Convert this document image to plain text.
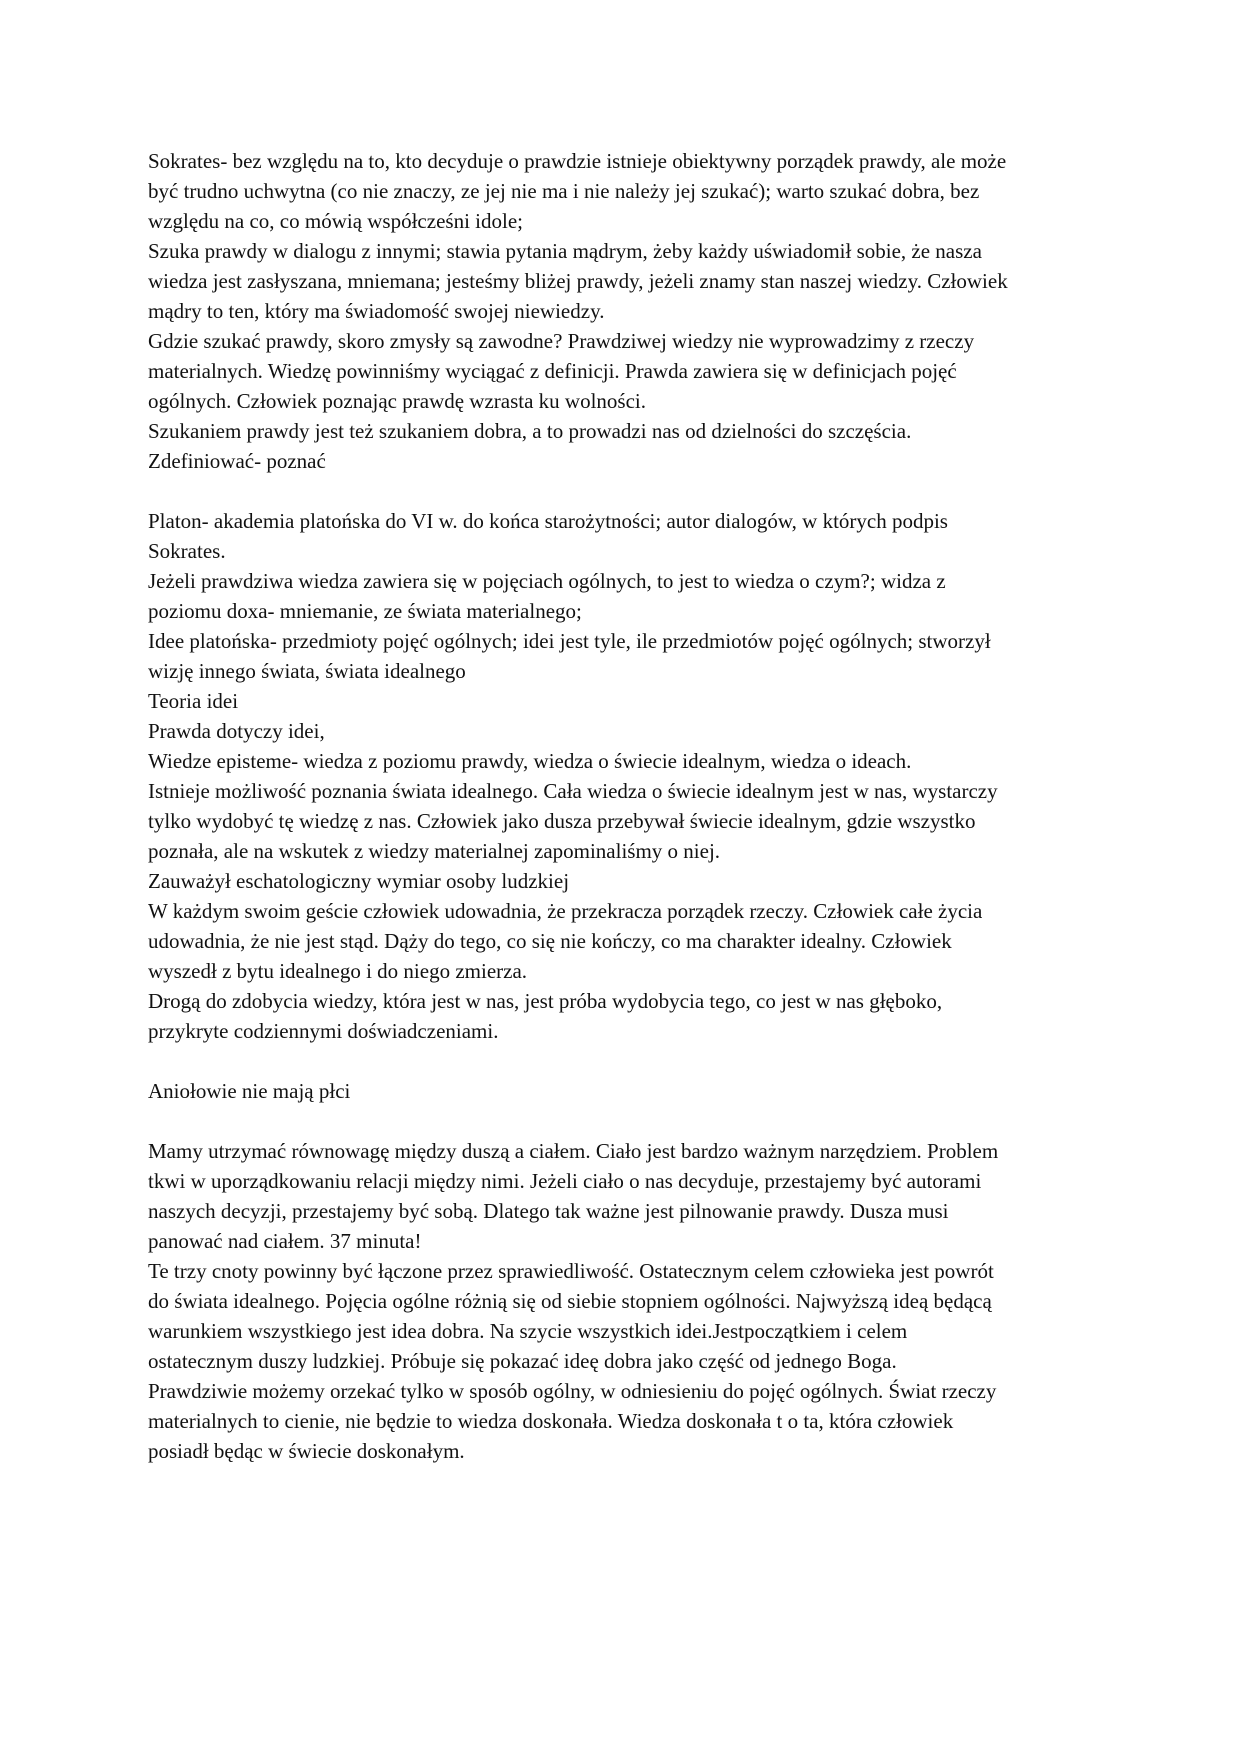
Sokrates- bez względu na to, kto decyduje o prawdzie istnieje obiektywny porządek prawdy, ale może
być trudno uchwytna (co nie znaczy, ze jej nie ma i nie należy jej szukać); warto szukać dobra, bez
względu na co, co mówią współcześni idole;
Szuka prawdy w dialogu z innymi; stawia pytania mądrym, żeby każdy uświadomił sobie, że nasza
wiedza jest zasłyszana, mniemana; jesteśmy bliżej prawdy, jeżeli znamy stan naszej wiedzy. Człowiek
mądry to ten, który ma świadomość swojej niewiedzy.
Gdzie szukać prawdy, skoro zmysły są zawodne? Prawdziwej wiedzy nie wyprowadzimy z rzeczy
materialnych. Wiedzę powinniśmy wyciągać z definicji. Prawda zawiera się w definicjach pojęć
ogólnych. Człowiek poznając prawdę wzrasta ku wolności.
Szukaniem prawdy jest też szukaniem dobra, a to prowadzi nas od dzielności do szczęścia.
Zdefiniować- poznać
Platon- akademia platońska do VI w. do końca starożytności; autor dialogów, w których podpis
Sokrates.
Jeżeli prawdziwa wiedza zawiera się w pojęciach ogólnych, to jest to wiedza o czym?; widza z
poziomu doxa- mniemanie, ze świata materialnego;
Idee platońska- przedmioty pojęć ogólnych; idei jest tyle, ile przedmiotów pojęć ogólnych; stworzył
wizję innego świata, świata idealnego
Teoria idei
Prawda dotyczy idei,
Wiedze episteme- wiedza z poziomu prawdy, wiedza o świecie idealnym, wiedza o ideach.
Istnieje możliwość poznania świata idealnego. Cała wiedza o świecie idealnym jest w nas, wystarczy
tylko wydobyć tę wiedzę z nas. Człowiek jako dusza przebywał świecie idealnym, gdzie wszystko
poznała, ale na wskutek z wiedzy materialnej zapominaliśmy o niej.
Zauważył eschatologiczny wymiar osoby ludzkiej
W każdym swoim geście człowiek udowadnia, że przekracza porządek rzeczy. Człowiek całe życia
udowadnia, że nie jest stąd. Dąży do tego, co się nie kończy, co ma charakter idealny. Człowiek
wyszedł z bytu idealnego i do niego zmierza.
Drogą do zdobycia wiedzy, która jest w nas, jest próba wydobycia tego, co jest w nas głęboko,
przykryte codziennymi doświadczeniami.
Aniołowie nie mają płci
Mamy utrzymać równowagę między duszą a ciałem. Ciało jest bardzo ważnym narzędziem. Problem
tkwi w uporządkowaniu relacji między nimi. Jeżeli ciało o nas decyduje, przestajemy być autorami
naszych decyzji, przestajemy być sobą. Dlatego tak ważne jest pilnowanie prawdy. Dusza musi
panować nad ciałem. 37 minuta!
Te trzy cnoty powinny być łączone przez sprawiedliwość. Ostatecznym celem człowieka jest powrót
do świata idealnego. Pojęcia ogólne różnią się od siebie stopniem ogólności. Najwyższą ideą będącą
warunkiem wszystkiego jest idea dobra. Na szycie wszystkich idei.Jestpoczątkiem i celem
ostatecznym duszy ludzkiej. Próbuje się pokazać ideę dobra jako część od jednego Boga.
Prawdziwie możemy orzekać tylko w sposób ogólny, w odniesieniu do pojęć ogólnych. Świat rzeczy
materialnych to cienie, nie będzie to wiedza doskonała. Wiedza doskonała t o ta, która człowiek
posiadł będąc w świecie doskonałym.
